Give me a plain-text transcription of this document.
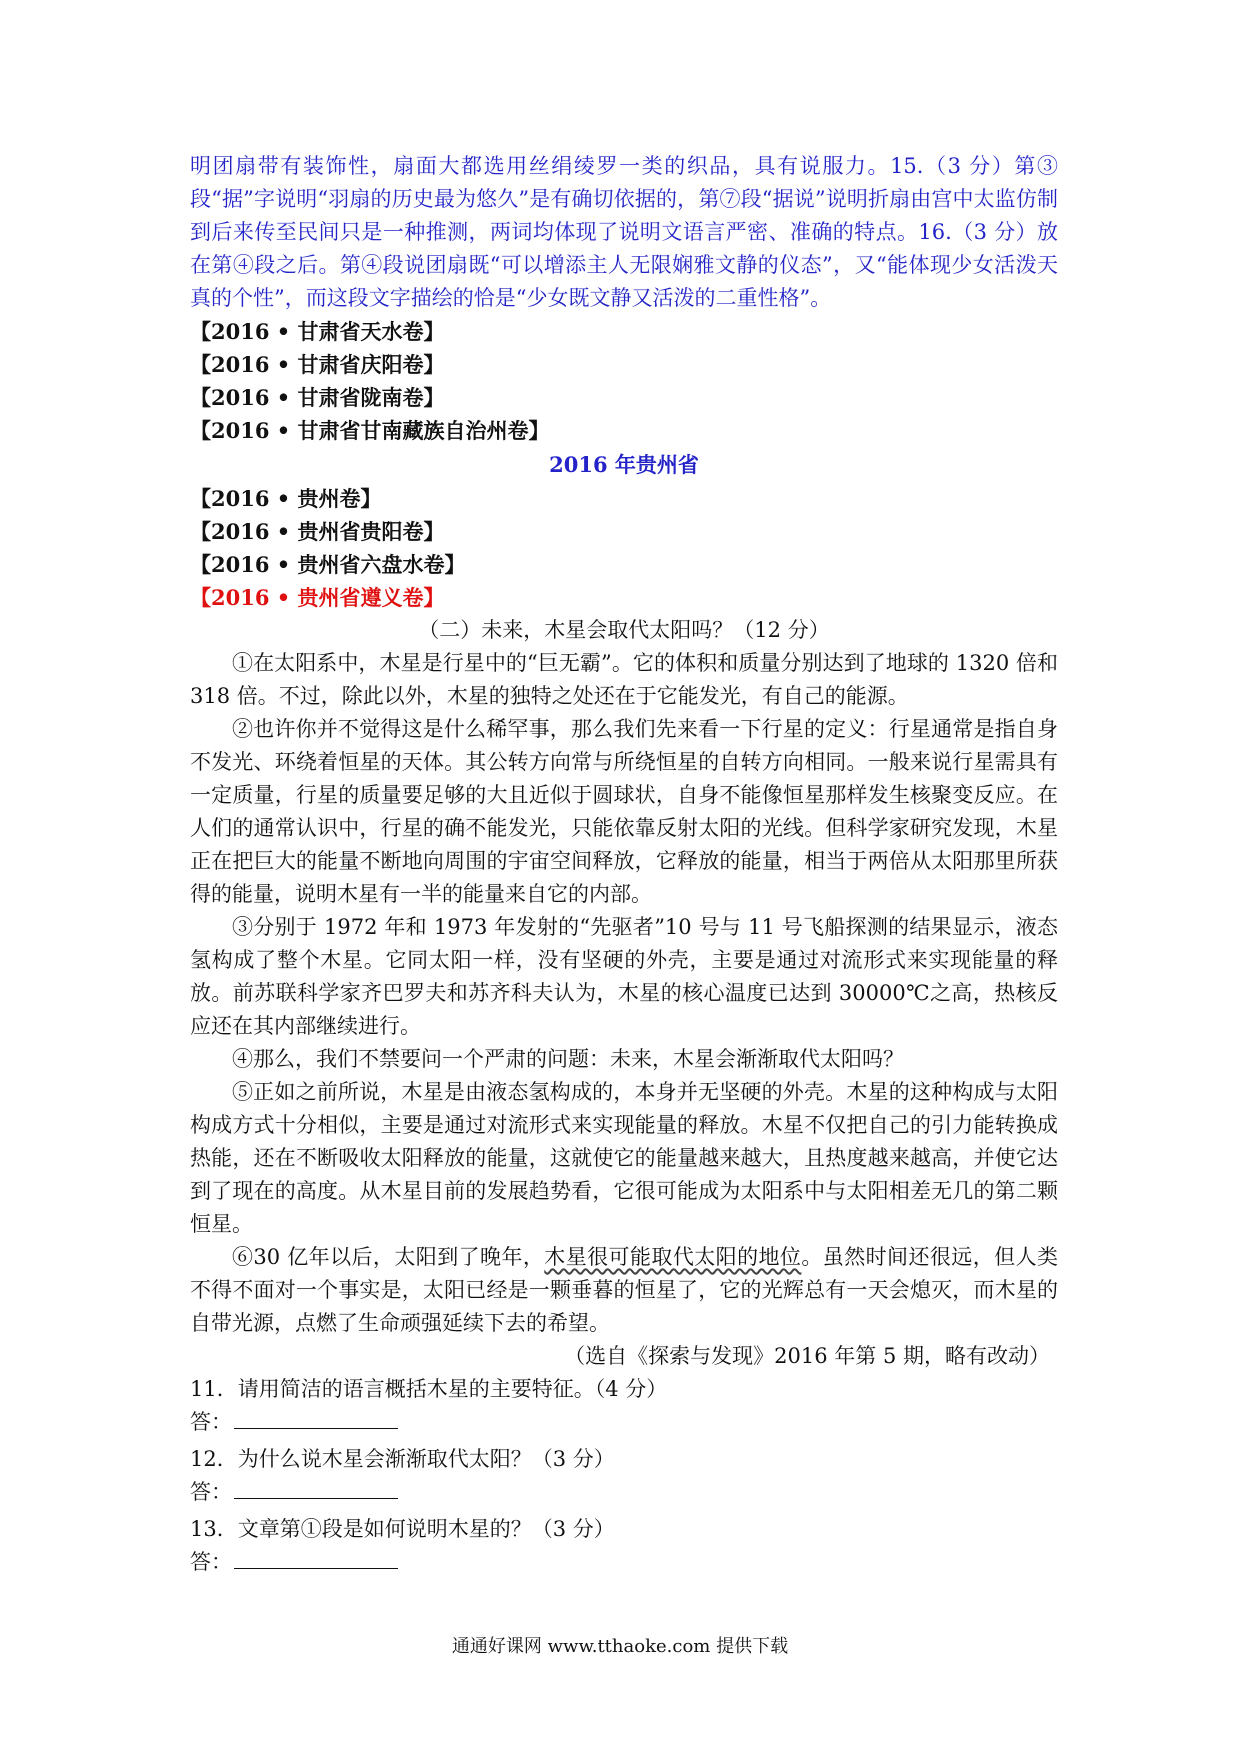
明团扇带有装饰性，扇面大都选用丝绢绫罗一类的织品，具有说服力。15.（3 分）第③段“据”字说明“羽扇的历史最为悠久”是有确切依据的，第⑦段“据说”说明折扇由宫中太监仿制到后来传至民间只是一种推测，两词均体现了说明文语言严密、准确的特点。16.（3 分）放在第④段之后。第④段说团扇既“可以增添主人无限娴雅文静的仪态”，又“能体现少女活泼天真的个性”，而这段文字描绘的恰是“少女既文静又活泼的二重性格”。

【2016 • 甘肃省天水卷】

【2016 • 甘肃省庆阳卷】

【2016 • 甘肃省陇南卷】

【2016 • 甘肃省甘南藏族自治州卷】

2016 年贵州省

【2016 • 贵州卷】

【2016 • 贵州省贵阳卷】

【2016 • 贵州省六盘水卷】

【2016 • 贵州省遵义卷】

（二）未来，木星会取代太阳吗？（12 分）

①在太阳系中，木星是行星中的“巨无霸”。它的体积和质量分别达到了地球的 1320 倍和 318 倍。不过，除此以外，木星的独特之处还在于它能发光，有自己的能源。

②也许你并不觉得这是什么稀罕事，那么我们先来看一下行星的定义：行星通常是指自身不发光、环绕着恒星的天体。其公转方向常与所绕恒星的自转方向相同。一般来说行星需具有一定质量，行星的质量要足够的大且近似于圆球状，自身不能像恒星那样发生核聚变反应。在人们的通常认识中，行星的确不能发光，只能依靠反射太阳的光线。但科学家研究发现，木星正在把巨大的能量不断地向周围的宇宙空间释放，它释放的能量，相当于两倍从太阳那里所获得的能量，说明木星有一半的能量来自它的内部。

③分别于 1972 年和 1973 年发射的“先驱者”10 号与 11 号飞船探测的结果显示，液态氢构成了整个木星。它同太阳一样，没有坚硬的外壳，主要是通过对流形式来实现能量的释放。前苏联科学家齐巴罗夫和苏齐科夫认为，木星的核心温度已达到 30000℃之高，热核反应还在其内部继续进行。

④那么，我们不禁要问一个严肃的问题：未来，木星会渐渐取代太阳吗？

⑤正如之前所说，木星是由液态氢构成的，本身并无坚硬的外壳。木星的这种构成与太阳构成方式十分相似，主要是通过对流形式来实现能量的释放。木星不仅把自己的引力能转换成热能，还在不断吸收太阳释放的能量，这就使它的能量越来越大，且热度越来越高，并使它达到了现在的高度。从木星目前的发展趋势看，它很可能成为太阳系中与太阳相差无几的第二颗恒星。

⑥30 亿年以后，太阳到了晚年，木星很可能取代太阳的地位。虽然时间还很远，但人类不得不面对一个事实是，太阳已经是一颗垂暮的恒星了，它的光辉总有一天会熄灭，而木星的自带光源，点燃了生命顽强延续下去的希望。

（选自《探索与发现》2016 年第 5 期，略有改动）

11．请用简洁的语言概括木星的主要特征。（4 分）

答：

12．为什么说木星会渐渐取代太阳？（3 分）

答：

13．文章第①段是如何说明木星的？（3 分）

答：

通通好课网 www.tthaoke.com 提供下载
